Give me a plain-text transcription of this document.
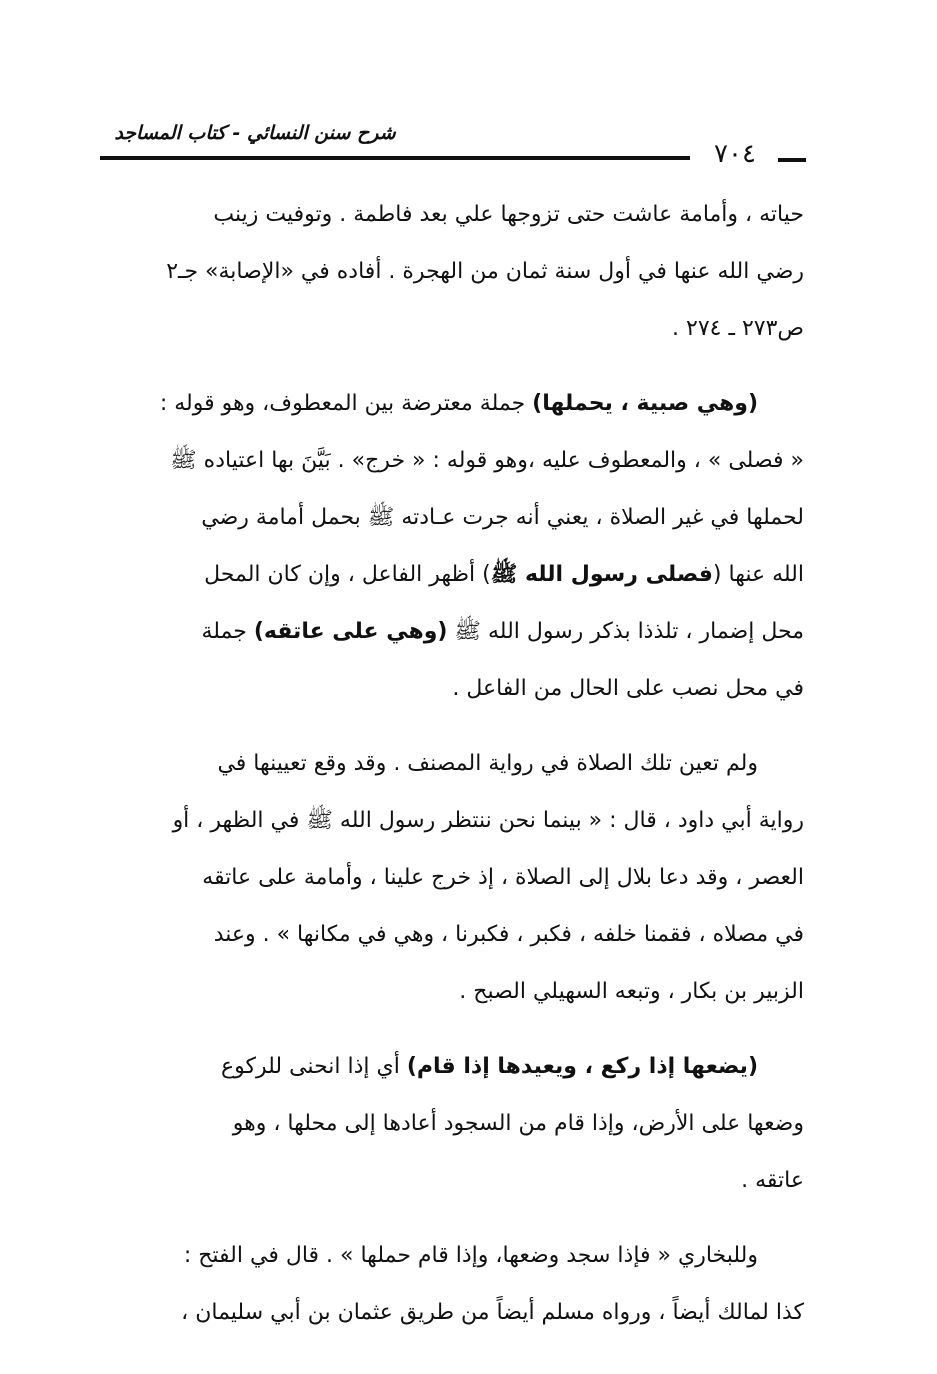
شرح سنن النسائي - كتاب المساجد
٧٠٤
حياته ، وأمامة عاشت حتى تزوجها علي بعد فاطمة . وتوفيت زينب
رضي الله عنها في أول سنة ثمان من الهجرة . أفاده في «الإصابة» جـ٢
ص٢٧٣ ـ ٢٧٤ .
(وهي صبية ، يحملها) جملة معترضة بين المعطوف، وهو قوله :
« فصلى » ، والمعطوف عليه ،وهو قوله : « خرج» . بَيَّنَ بها اعتياده ﷺ
لحملها في غير الصلاة ، يعني أنه جرت عـادته ﷺ بحمل أمامة رضي
الله عنها (فصلى رسول الله ﷺ) أظهر الفاعل ، وإن كان المحل
محل إضمار ، تلذذا بذكر رسول الله ﷺ (وهي على عاتقه) جملة
في محل نصب على الحال من الفاعل .
ولم تعين تلك الصلاة في رواية المصنف . وقد وقع تعيينها في
رواية أبي داود ، قال : « بينما نحن ننتظر رسول الله ﷺ في الظهر ، أو
العصر ، وقد دعا بلال إلى الصلاة ، إذ خرج علينا ، وأمامة على عاتقه
في مصلاه ، فقمنا خلفه ، فكبر ، فكبرنا ، وهي في مكانها » . وعند
الزبير بن بكار ، وتبعه السهيلي الصبح .
(يضعها إذا ركع ، ويعيدها إذا قام) أي إذا انحنى للركوع
وضعها على الأرض، وإذا قام من السجود أعادها إلى محلها ، وهو
عاتقه .
وللبخاري « فإذا سجد وضعها، وإذا قام حملها » . قال في الفتح :
كذا لمالك أيضاً ، ورواه مسلم أيضاً من طريق عثمان بن أبي سليمان ،
